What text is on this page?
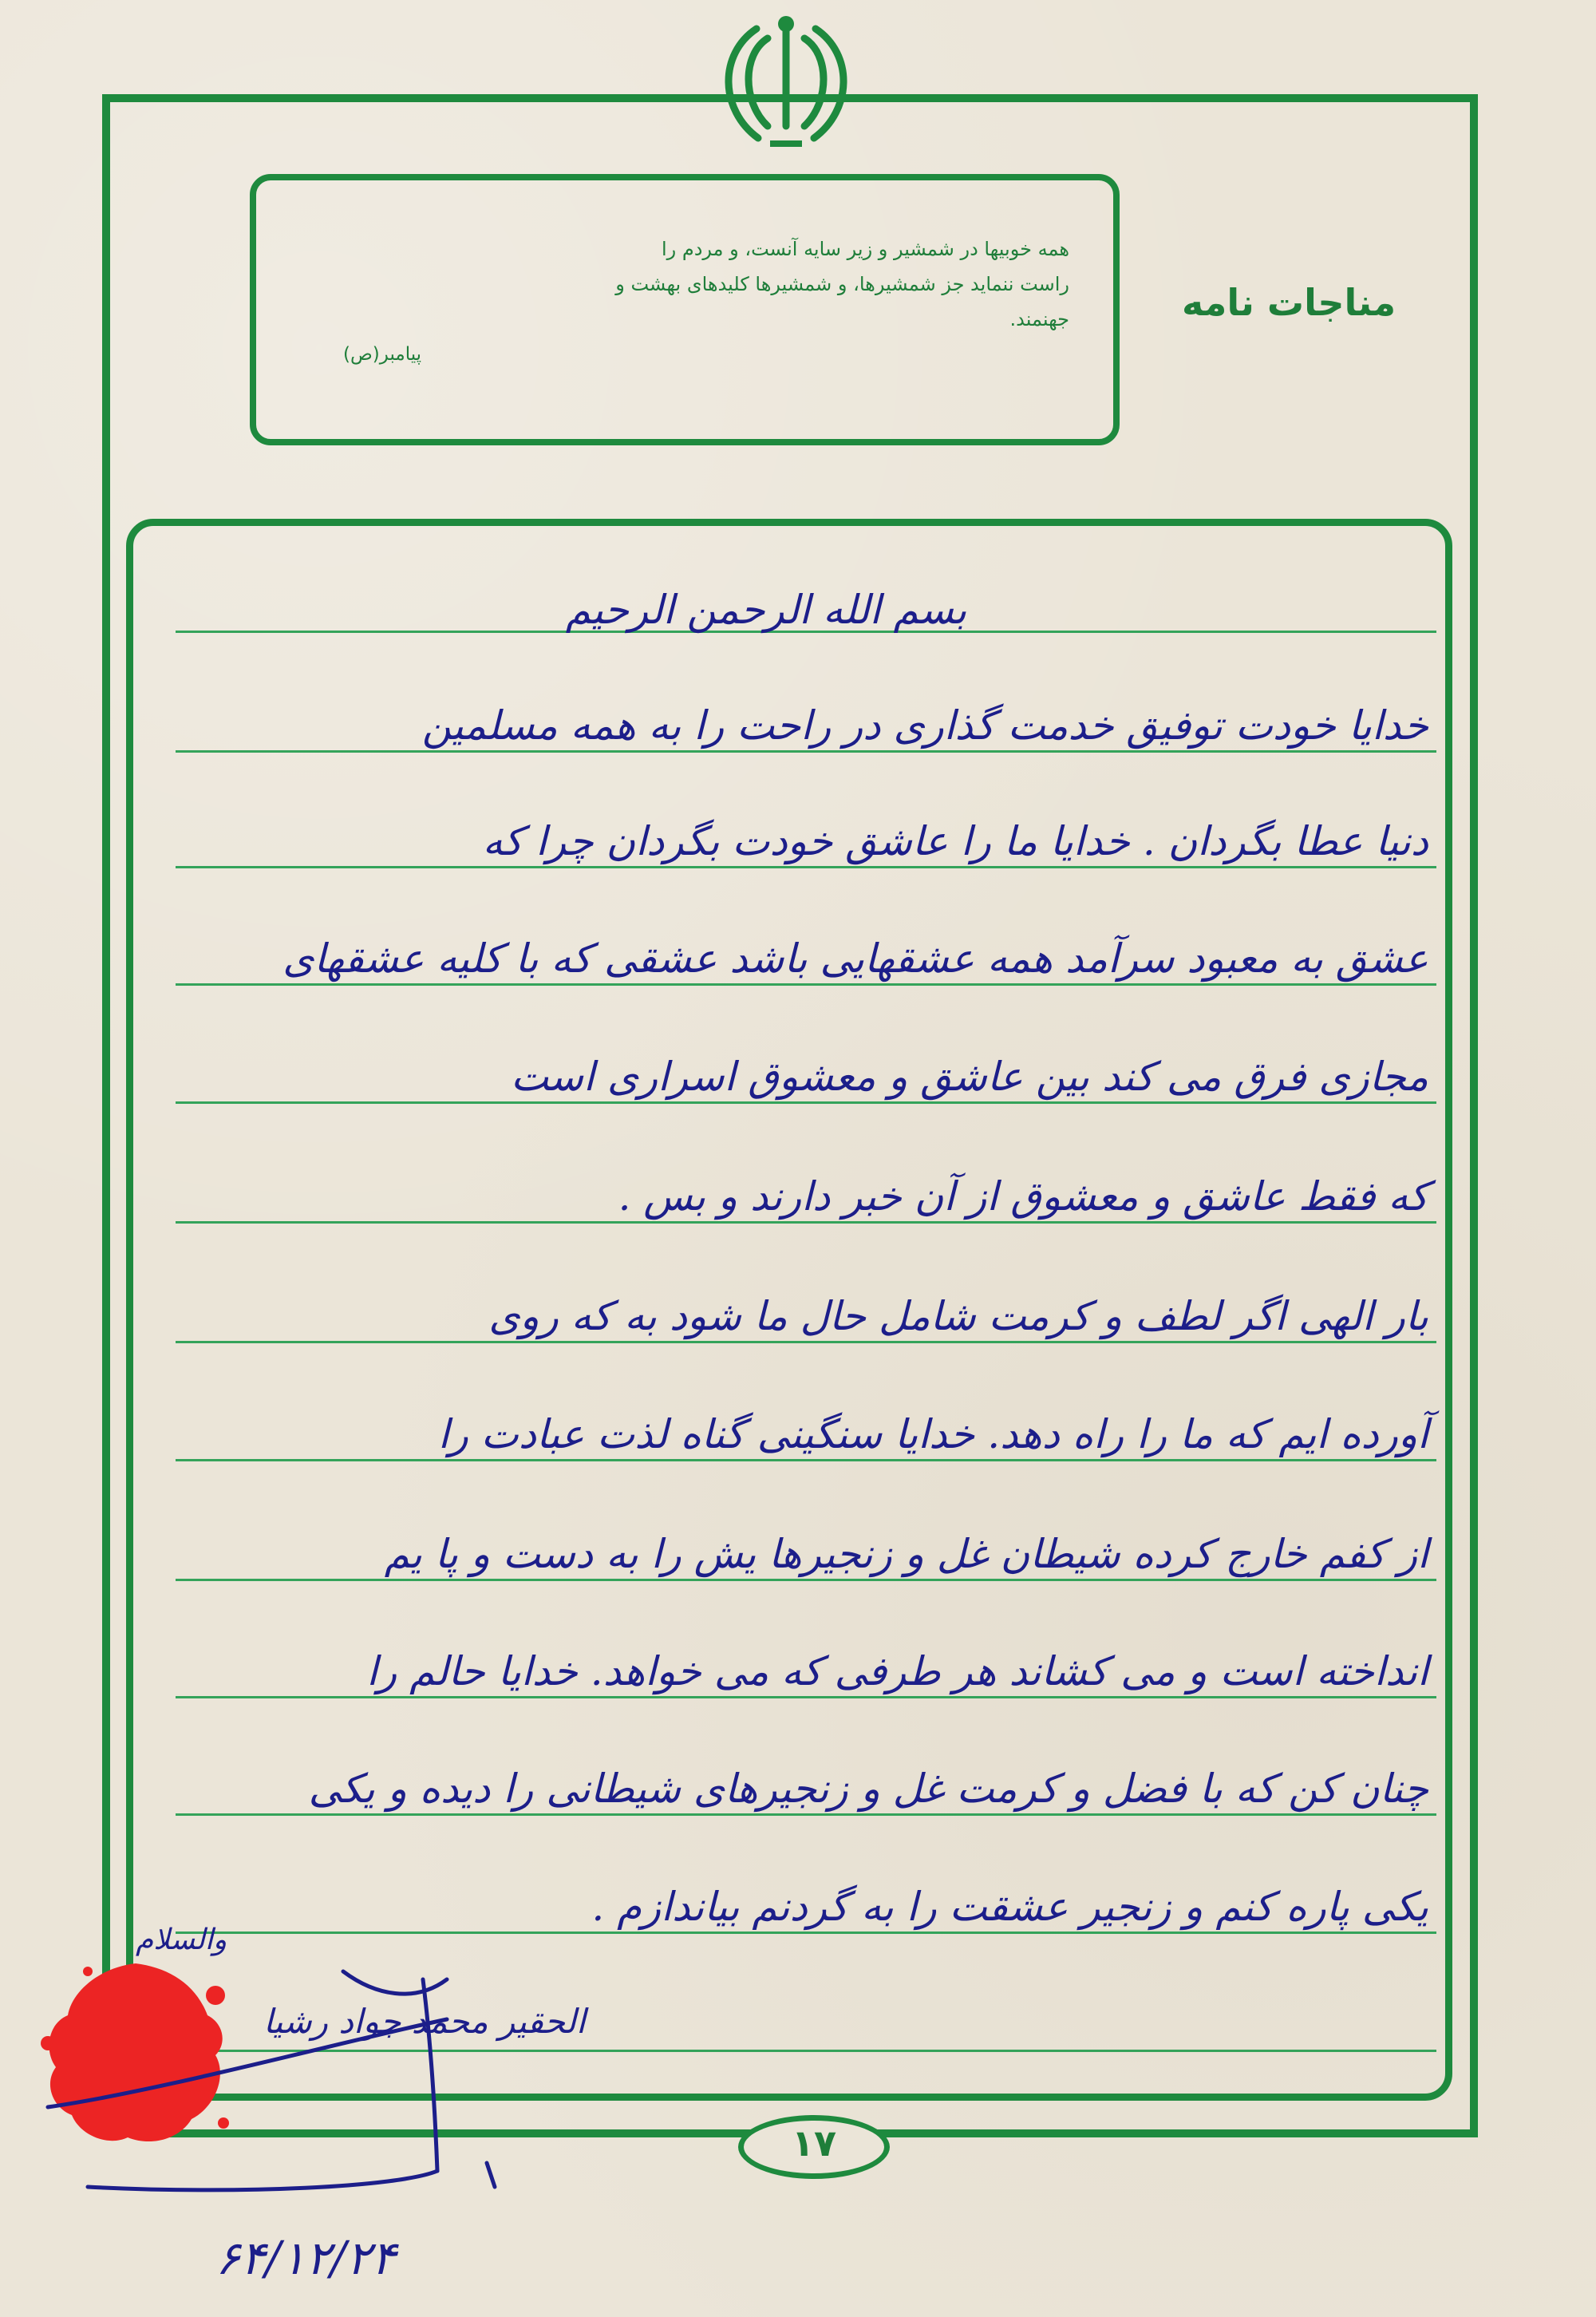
همه خوبیها در شمشیر و زیر سایه آنست، و مردم را
راست ننماید جز شمشیرها، و شمشیرها کلیدهای بهشت و
جهنمند.
پیامبر(ص)
مناجات نامه
بسم الله الرحمن الرحیم
خدایا خودت توفیق خدمت گذاری در راحت را به همه مسلمین
دنیا عطا بگردان . خدایا ما را عاشق خودت بگردان چرا که
عشق به معبود سرآمد همه عشقهایی باشد عشقی که با کلیه عشقهای
مجازی فرق می کند بین عاشق و معشوق اسراری است
که فقط عاشق و معشوق از آن خبر دارند و بس .
بار الهی اگر لطف و کرمت شامل حال ما شود به که روی
آورده ایم که ما را راه دهد. خدایا سنگینی گناه لذت عبادت را
از کفم خارج کرده شیطان غل و زنجیرها یش را به دست و پا یم
انداخته است و می کشاند هر طرفی که می خواهد. خدایا حالم را
چنان کن که با فضل و کرمت غل و زنجیرهای شیطانی را دیده و یکی
یکی پاره کنم و زنجیر عشقت را به گردنم بیاندازم .
والسلام
الحقیر محمد جواد رشیا
۱۷
۶۴/۱۲/۲۴
